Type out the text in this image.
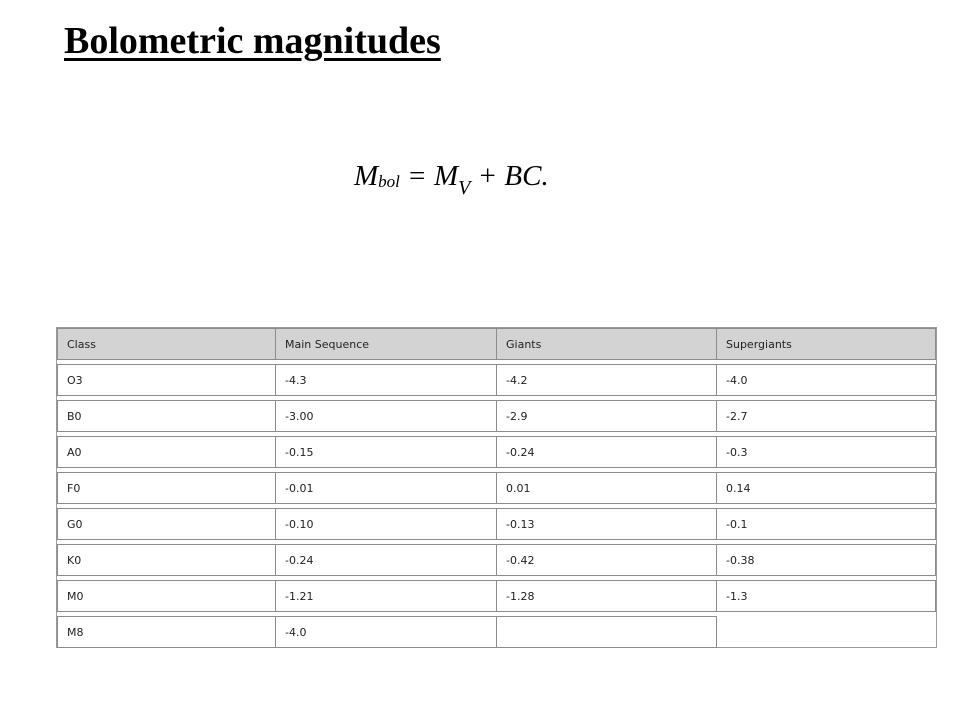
Bolometric magnitudes
Mbol = $M_V$ + BC.
Class	Main Sequence	Giants	Supergiants
O3	-4.3	-4.2	-4.0
B0	-3.00	-2.9	-2.7
A0	-0.15	-0.24	-0.3
F0	-0.01	0.01	0.14
G0	-0.10	-0.13	-0.1
K0	-0.24	-0.42	-0.38
M0	-1.21	-1.28	-1.3
M8	-4.0		
